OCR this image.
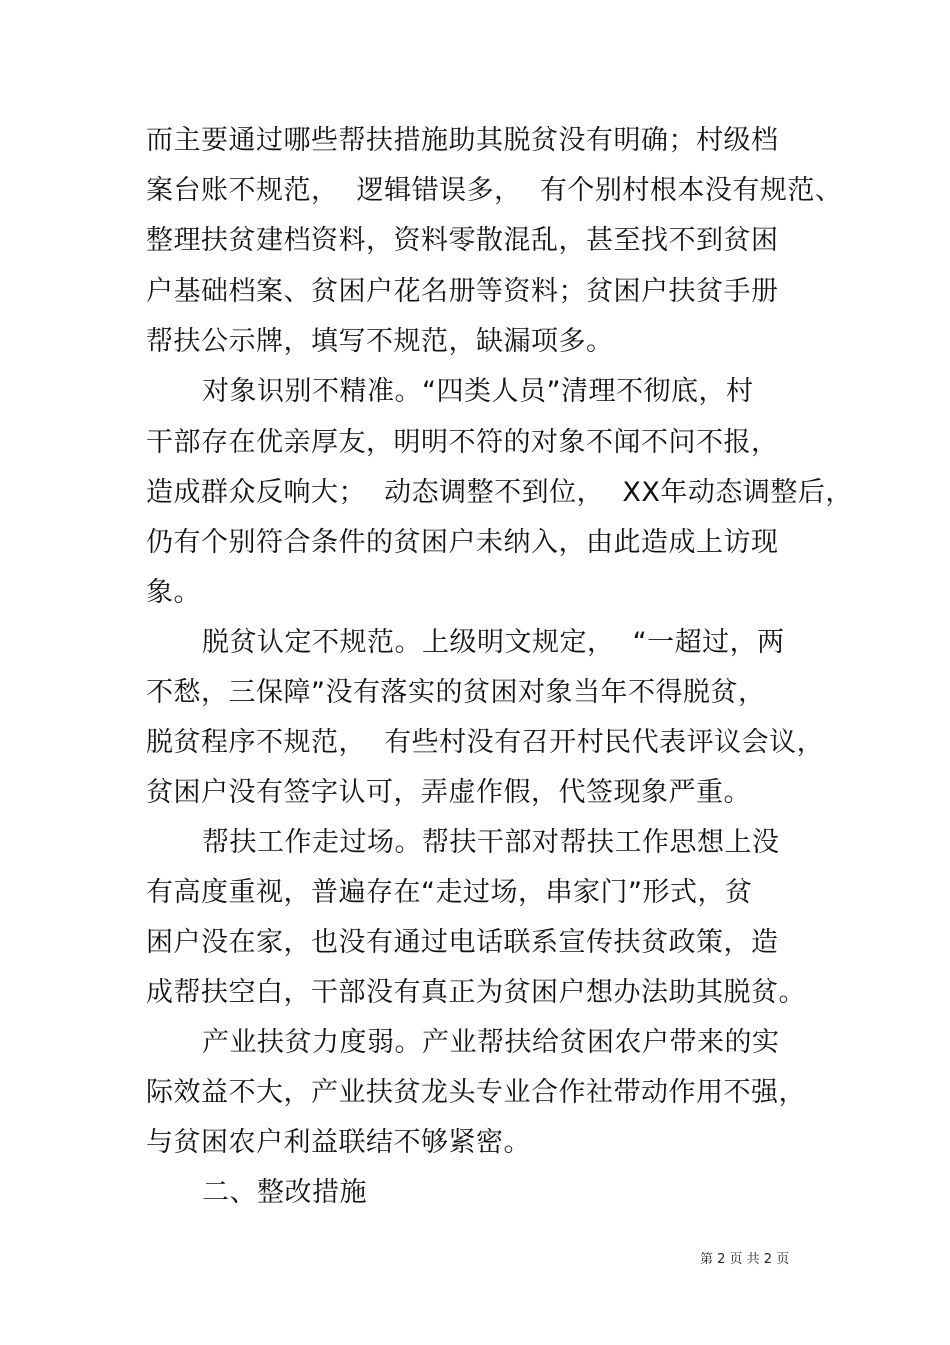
而主要通过哪些帮扶措施助其脱贫没有明确；村级档
案台账不规范，  逻辑错误多，  有个别村根本没有规范、
整理扶贫建档资料，资料零散混乱，甚至找不到贫困
户基础档案、贫困户花名册等资料；贫困户扶贫手册
帮扶公示牌，填写不规范，缺漏项多。
对象识别不精准。“四类人员”清理不彻底，村
干部存在优亲厚友，明明不符的对象不闻不问不报，
造成群众反响大；  动态调整不到位，  XX年动态调整后，
仍有个别符合条件的贫困户未纳入，由此造成上访现
象。
脱贫认定不规范。上级明文规定，  “一超过，两
不愁，三保障”没有落实的贫困对象当年不得脱贫，
脱贫程序不规范，  有些村没有召开村民代表评议会议，
贫困户没有签字认可，弄虚作假，代签现象严重。
帮扶工作走过场。帮扶干部对帮扶工作思想上没
有高度重视，普遍存在“走过场，串家门”形式，贫
困户没在家，也没有通过电话联系宣传扶贫政策，造
成帮扶空白，干部没有真正为贫困户想办法助其脱贫。
产业扶贫力度弱。产业帮扶给贫困农户带来的实
际效益不大，产业扶贫龙头专业合作社带动作用不强，
与贫困农户利益联结不够紧密。
二、整改措施
第 2 页 共 2 页
